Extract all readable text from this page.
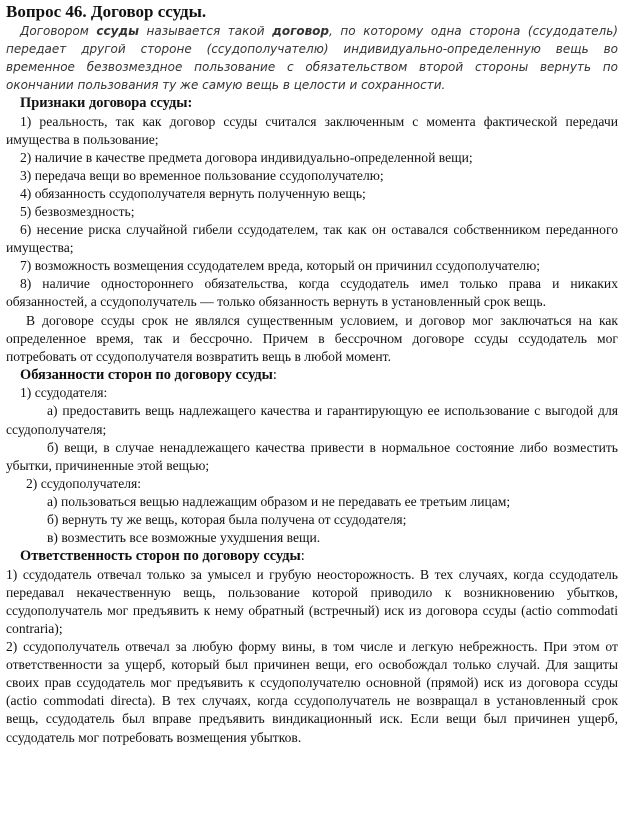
Вопрос 46. Договор ссуды.

Договором ссуды называется такой договор, по которому одна сторона (ссудодатель) передает другой стороне (ссудополучателю) индивидуально-определенную вещь во временное безвозмездное пользование с обязательством второй стороны вернуть по окончании пользования ту же самую вещь в целости и сохранности.

Признаки договора ссуды:

1) реальность, так как договор ссуды считался заключенным с момента фактической передачи имущества в пользование;

2) наличие в качестве предмета договора индивидуально-определенной вещи;

3) передача вещи во временное пользование ссудополучателю;

4) обязанность ссудополучателя вернуть полученную вещь;

5) безвозмездность;

6) несение риска случайной гибели ссудодателем, так как он оставался собственником переданного имущества;

7) возможность возмещения ссудодателем вреда, который он причинил ссудополучателю;

8) наличие одностороннего обязательства, когда ссудодатель имел только права и никаких обязанностей, а ссудополучатель — только обязанность вернуть в установленный срок вещь.

В договоре ссуды срок не являлся существенным условием, и договор мог заключаться на как определенное время, так и бессрочно. Причем в бессрочном договоре ссуды ссудодатель мог потребовать от ссудополучателя возвратить вещь в любой момент.

Обязанности сторон по договору ссуды:

1) ссудодателя:

а) предоставить вещь надлежащего качества и гарантирующую ее использование с выгодой для ссудополучателя;

б) вещи, в случае ненадлежащего качества привести в нормальное состояние либо возместить убытки, причиненные этой вещью;

2) ссудополучателя:

а) пользоваться вещью надлежащим образом и не передавать ее третьим лицам;

б) вернуть ту же вещь, которая была получена от ссудодателя;

в) возместить все возможные ухудшения вещи.

Ответственность сторон по договору ссуды:

1) ссудодатель отвечал только за умысел и грубую неосторожность. В тех случаях, когда ссудодатель передавал некачественную вещь, пользование которой приводило к возникновению убытков, ссудополучатель мог предъявить к нему обратный (встречный) иск из договора ссуды (actio commodati contraria);

2) ссудополучатель отвечал за любую форму вины, в том числе и легкую небрежность. При этом от ответственности за ущерб, который был причинен вещи, его освобождал только случай. Для защиты своих прав ссудодатель мог предъявить к ссудополучателю основной (прямой) иск из договора ссуды (actio commodati directa). В тех случаях, когда ссудополучатель не возвращал в установленный срок вещь, ссудодатель был вправе предъявить виндикационный иск. Если вещи был причинен ущерб, ссудодатель мог потребовать возмещения убытков.
